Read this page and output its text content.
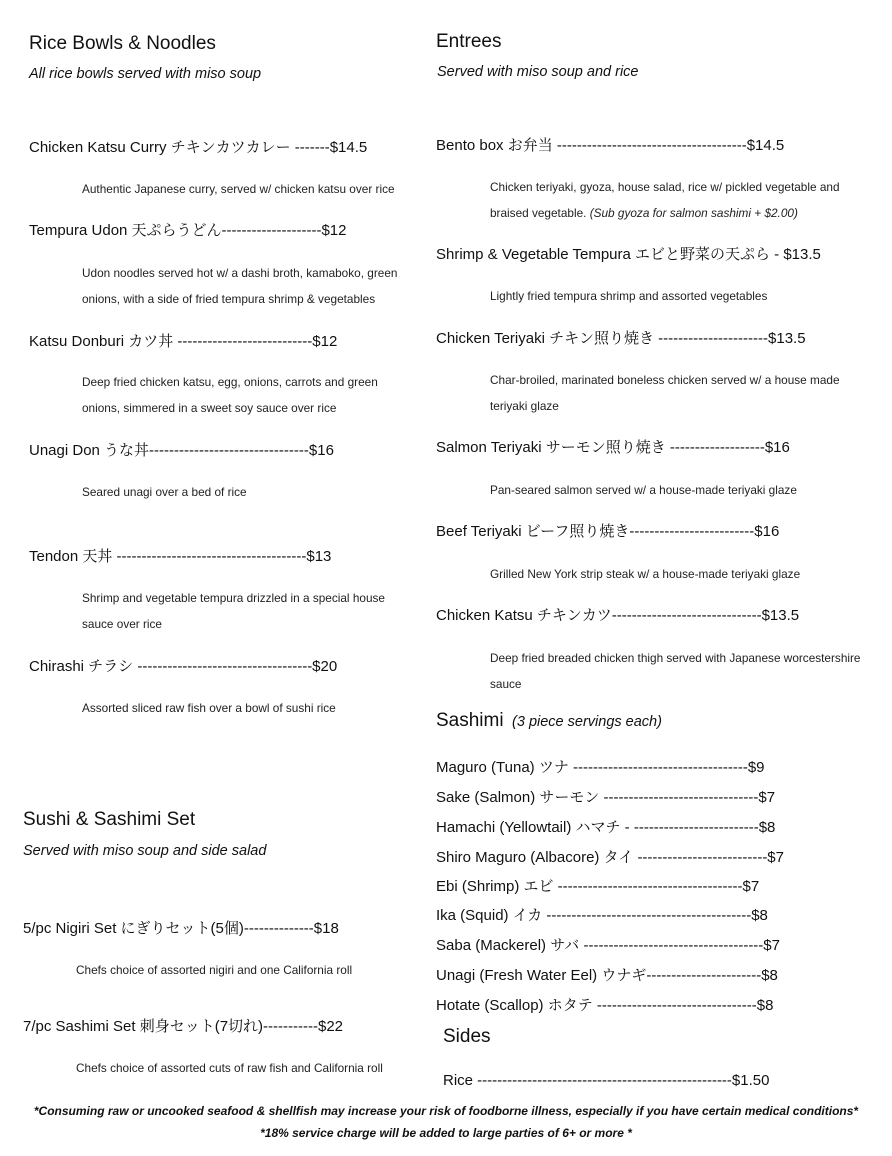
Rice Bowls & Noodles
All rice bowls served with miso soup
Chicken Katsu Curry チキンカツカレー -------$14.5
Authentic Japanese curry, served w/ chicken katsu over rice
Tempura Udon 天ぷらうどん--------------------$12
Udon noodles served hot w/ a dashi broth, kamaboko, green onions, with a side of fried tempura shrimp & vegetables
Katsu Donburi カツ丼 ---------------------------$12
Deep fried chicken katsu, egg, onions, carrots and green onions, simmered in a sweet soy sauce over rice
Unagi Don うな丼--------------------------------$16
Seared unagi over a bed of rice
Tendon 天丼 --------------------------------------$13
Shrimp and vegetable tempura drizzled in a special house sauce over rice
Chirashi チラシ -----------------------------------$20
Assorted sliced raw fish over a bowl of sushi rice
Sushi & Sashimi Set
Served with miso soup and side salad
5/pc Nigiri Set にぎりセット(5個)--------------$18
Chefs choice of assorted nigiri and one California roll
7/pc Sashimi Set 刺身セット(7切れ)-----------$22
Chefs choice of assorted cuts of raw fish and California roll
Entrees
Served with miso soup and rice
Bento box お弁当 --------------------------------------$14.5
Chicken teriyaki, gyoza, house salad, rice w/ pickled vegetable and braised vegetable. (Sub gyoza for salmon sashimi + $2.00)
Shrimp & Vegetable Tempura エビと野菜の天ぷら - $13.5
Lightly fried tempura shrimp and assorted vegetables
Chicken Teriyaki チキン照り焼き ----------------------$13.5
Char-broiled, marinated boneless chicken served w/ a house made teriyaki glaze
Salmon Teriyaki サーモン照り焼き -------------------$16
Pan-seared salmon served w/ a house-made teriyaki glaze
Beef Teriyaki ビーフ照り焼き-------------------------$16
Grilled New York strip steak w/ a house-made teriyaki glaze
Chicken Katsu チキンカツ------------------------------$13.5
Deep fried breaded chicken thigh served with Japanese worcestershire sauce
Sashimi (3 piece servings each)
Maguro (Tuna) ツナ -----------------------------------$9
Sake (Salmon) サーモン -------------------------------$7
Hamachi (Yellowtail) ハマチ - -------------------------$8
Shiro Maguro (Albacore) タイ --------------------------$7
Ebi (Shrimp) エビ -------------------------------------$7
Ika (Squid) イカ -----------------------------------------$8
Saba (Mackerel) サバ ------------------------------------$7
Unagi (Fresh Water Eel) ウナギ-----------------------$8
Hotate (Scallop) ホタテ --------------------------------$8
Sides
Rice ---------------------------------------------------$1.50
*Consuming raw or uncooked seafood & shellfish may increase your risk of foodborne illness, especially if you have certain medical conditions*
*18% service charge will be added to large parties of 6+ or more *
